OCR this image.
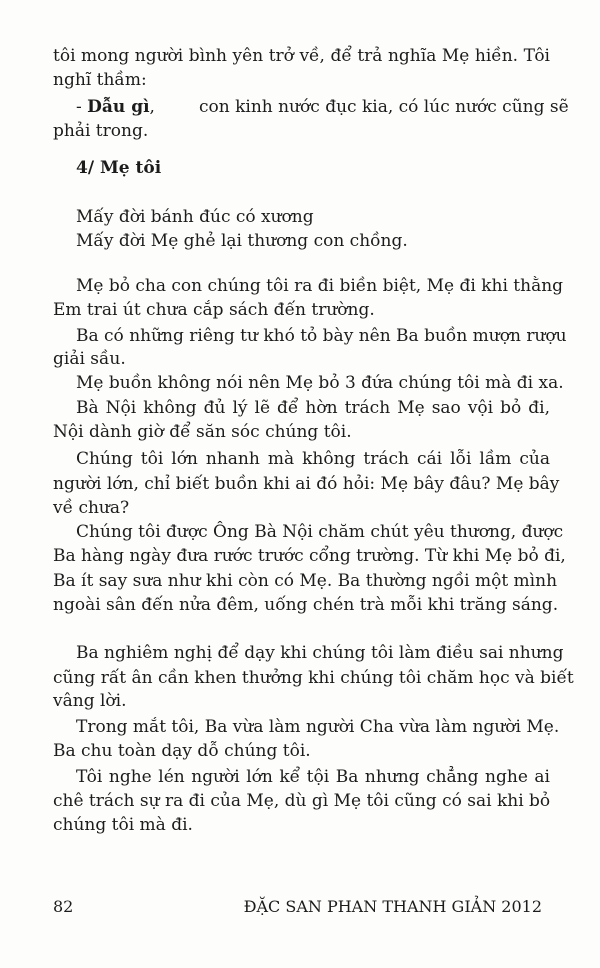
tôi mong người bình yên trở về, để trả nghĩa Mẹ hiền. Tôi
nghĩ thầm:
con kinh nước đục kia, có lúc nước cũng sẽ
phải trong.
Mấy đời bánh đúc có xương
Mấy đời Mẹ ghẻ lại thương con chồng.
Mẹ bỏ cha con chúng tôi ra đi biền biệt, Mẹ đi khi thằng
Em trai út chưa cắp sách đến trường.
Ba có những riêng tư khó tỏ bày nên Ba buồn mượn rượu
giải sầu.
Mẹ buồn không nói nên Mẹ bỏ 3 đứa chúng tôi mà đi xa.
Bà Nội không đủ lý lẽ để hờn trách Mẹ sao vội bỏ đi,
Nội dành giờ để săn sóc chúng tôi.
Chúng tôi lớn nhanh mà không trách cái lỗi lầm của
người lớn, chỉ biết buồn khi ai đó hỏi: Mẹ bây đâu? Mẹ bây
về chưa?
Chúng tôi được Ông Bà Nội chăm chút yêu thương, được
Ba hàng ngày đưa rước trước cổng trường. Từ khi Mẹ bỏ đi,
Ba ít say sưa như khi còn có Mẹ. Ba thường ngồi một mình
ngoài sân đến nửa đêm, uống chén trà mỗi khi trăng sáng.
Ba nghiêm nghị để dạy khi chúng tôi làm điều sai nhưng
cũng rất ân cần khen thưởng khi chúng tôi chăm học và biết
vâng lời.
Trong mắt tôi, Ba vừa làm người Cha vừa làm người Mẹ.
Ba chu toàn dạy dỗ chúng tôi.
Tôi nghe lén người lớn kể tội Ba nhưng chẳng nghe ai
chê trách sự ra đi của Mẹ, dù gì Mẹ tôi cũng có sai khi bỏ
chúng tôi mà đi.
- Dẫu gì,
4/ Mẹ tôi
82	ĐẶC SAN PHAN THANH GIẢN 2012
